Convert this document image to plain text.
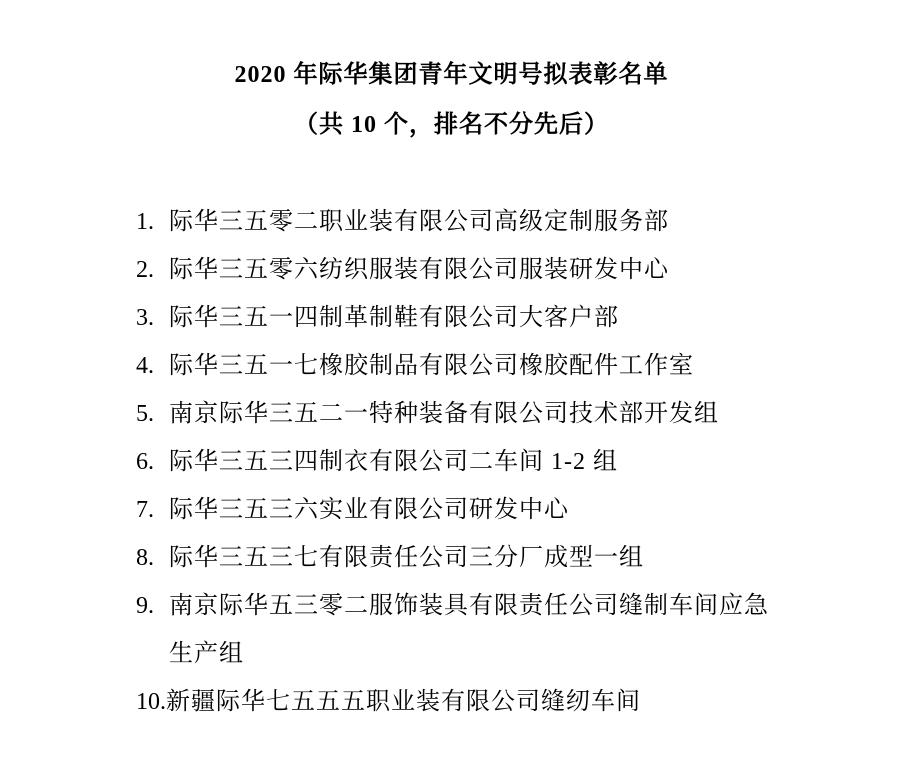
2020 年际华集团青年文明号拟表彰名单
（共 10 个，排名不分先后）
1. 际华三五零二职业装有限公司高级定制服务部
2. 际华三五零六纺织服装有限公司服装研发中心
3. 际华三五一四制革制鞋有限公司大客户部
4. 际华三五一七橡胶制品有限公司橡胶配件工作室
5. 南京际华三五二一特种装备有限公司技术部开发组
6. 际华三五三四制衣有限公司二车间 1-2 组
7. 际华三五三六实业有限公司研发中心
8. 际华三五三七有限责任公司三分厂成型一组
9. 南京际华五三零二服饰装具有限责任公司缝制车间应急生产组
10.新疆际华七五五五职业装有限公司缝纫车间
